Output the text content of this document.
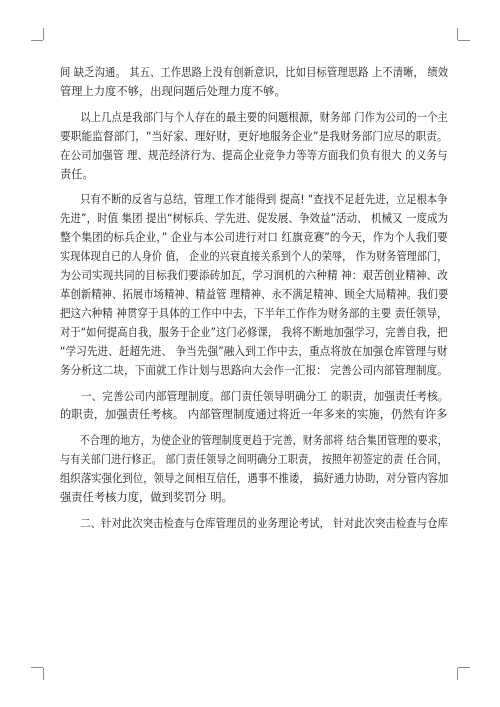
间 缺乏沟通。 其五、工作思路上没有创新意识，比如目标管理思路 上不清晰， 绩效

管理上力度不够，出现问题后处理力度不够。

以上几点是我部门与个人存在的最主要的问题根源，财务部 门作为公司的一个主

要职能监督部门，“当好家、理好财，更好地服务企业”是我财务部门应尽的职责。

在公司加强管 理、规范经济行为、提高企业竞争力等等方面我们负有很大 的义务与

责任。

只有不断的反省与总结，管理工作才能得到 提高! “查找不足赶先进，立足根本争

先进”，时值 集团 提出“树标兵、学先进、促发展、争效益”活动、 机械又 一度成为

整个集团的标兵企业，” 企业与本公司进行对口 红旗竞赛”的今天，作为个人我们要

实现体现自已的人身价 值， 企业的兴衰直接关系到个人的荣辱， 作为财务管理部门，

为公司实现共同的目标我们要添砖加瓦，学习润机的六种精 神：艰苦创业精神、改

革创新精神、拓展市场精神、精益管 理精神、永不满足精神、顾全大局精神。我们要

把这六种精 神贯穿于具体的工作中中去，下半年工作作为财务部的主要 责任领导，

对于“如何提高自我，服务于企业”这门必修课， 我将不断地加强学习，完善自我，把

“学习先进、赶超先进、 争当先强”融入到工作中去，重点将放在加强仓库管理与财

务分析这二块，下面就工作计划与思路向大会作一汇报： 完善公司内部管理制度。

一、完善公司内部管理制度。部门责任领导明确分工 的职责，加强责任考核。

的职责，加强责任考核。 内部管理制度通过将近一年多来的实施，仍然有许多

不合理的地方，为使企业的管理制度更趋于完善，财务部将 结合集团管理的要求，

与有关部门进行修正。 部门责任领导之间明确分工职责， 按照年初签定的责 任合同，

组织落实强化到位，领导之间相互信任，遇事不推诿， 搞好通力协助，对分管内容加

强责任考核力度，做到奖罚分 明。

二、针对此次突击检查与仓库管理员的业务理论考试， 针对此次突击检查与仓库
